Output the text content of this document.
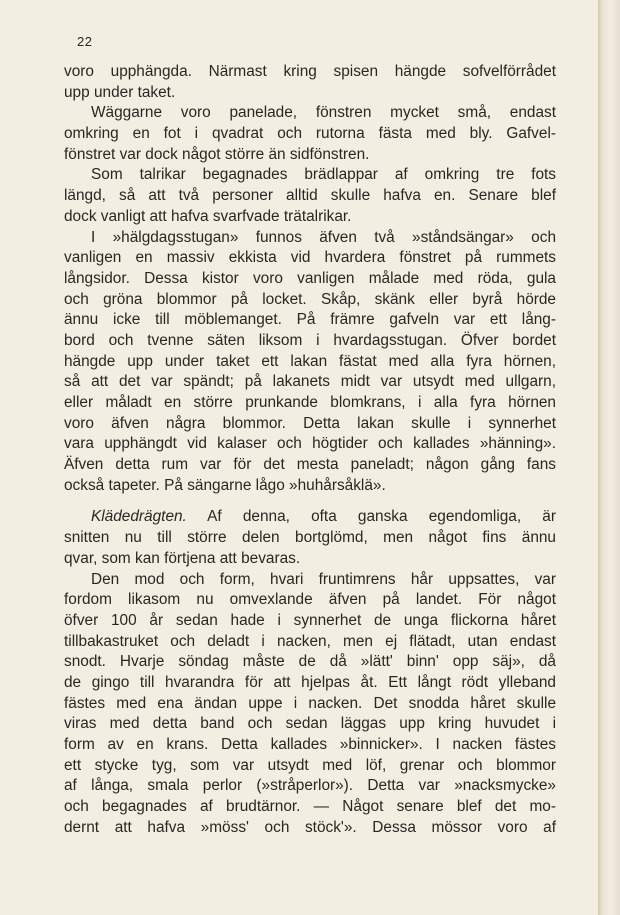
22
voro upphängda. Närmast kring spisen hängde sofvelförrådet
upp under taket.
Wäggarne voro panelade, fönstren mycket små, endast
omkring en fot i qvadrat och rutorna fästa med bly. Gafvel-
fönstret var dock något större än sidfönstren.
Som talrikar begagnades brädlappar af omkring tre fots
längd, så att två personer alltid skulle hafva en. Senare blef
dock vanligt att hafva svarfvade trätalrikar.
I »hälgdagsstugan» funnos äfven två »ståndsängar» och
vanligen en massiv ekkista vid hvardera fönstret på rummets
långsidor. Dessa kistor voro vanligen målade med röda, gula
och gröna blommor på locket. Skåp, skänk eller byrå hörde
ännu icke till möblemanget. På främre gafveln var ett lång-
bord och tvenne säten liksom i hvardagsstugan. Öfver bordet
hängde upp under taket ett lakan fästat med alla fyra hörnen,
så att det var spändt; på lakanets midt var utsydt med ullgarn,
eller måladt en större prunkande blomkrans, i alla fyra hörnen
voro äfven några blommor. Detta lakan skulle i synnerhet
vara upphängdt vid kalaser och högtider och kallades »hänning».
Äfven detta rum var för det mesta paneladt; någon gång fans
också tapeter. På sängarne lågo »huhårsåklä».
Klädedrägten. Af denna, ofta ganska egendomliga, är
snitten nu till större delen bortglömd, men något fins ännu
qvar, som kan förtjena att bevaras.
Den mod och form, hvari fruntimrens hår uppsattes, var
fordom likasom nu omvexlande äfven på landet. För något
öfver 100 år sedan hade i synnerhet de unga flickorna håret
tillbakastruket och deladt i nacken, men ej flätadt, utan endast
snodt. Hvarje söndag måste de då »lätt' binn' opp säj», då
de gingo till hvarandra för att hjelpas åt. Ett långt rödt ylleband
fästes med ena ändan uppe i nacken. Det snodda håret skulle
viras med detta band och sedan läggas upp kring huvudet i
form av en krans. Detta kallades »binnicker». I nacken fästes
ett stycke tyg, som var utsydt med löf, grenar och blommor
af långa, smala perlor (»stråperlor»). Detta var »nacksmycke»
och begagnades af brudtärnor. — Något senare blef det mo-
dernt att hafva »möss' och stöck'». Dessa mössor voro af
